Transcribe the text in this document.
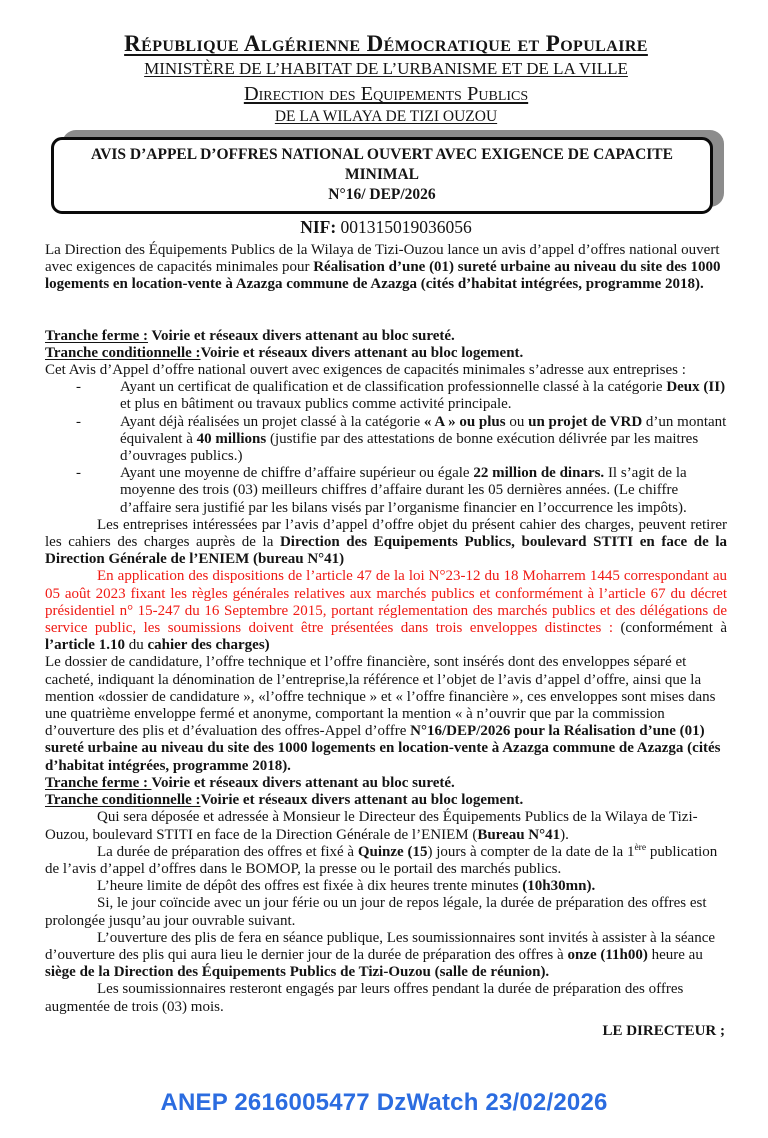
République Algérienne Démocratique et Populaire
MINISTÈRE DE L’HABITAT DE L’URBANISME ET DE LA VILLE
Direction des Equipements Publics
DE LA WILAYA DE TIZI OUZOU
AVIS D’APPEL D’OFFRES NATIONAL OUVERT AVEC EXIGENCE DE CAPACITE MINIMAL
N°16/ DEP/2026
NIF: 001315019036056

La Direction des Équipements Publics de la Wilaya de Tizi-Ouzou lance un avis d’appel d’offres national ouvert avec exigences de capacités minimales pour Réalisation d’une (01) sureté urbaine au niveau du site des 1000 logements en location-vente à Azazga commune de Azazga (cités d’habitat intégrées, programme 2018).

Tranche ferme : Voirie et réseaux divers attenant au bloc sureté.

Tranche conditionnelle :Voirie et réseaux divers attenant au bloc logement.

Cet Avis d’Appel d’offre national ouvert avec exigences de capacités minimales s’adresse aux entreprises :

-	Ayant un certificat de qualification et de classification professionnelle classé à la catégorie Deux (II) et plus en bâtiment ou travaux publics comme activité principale.

-	Ayant déjà réalisées un projet classé à la catégorie « A » ou plus ou un projet de VRD d’un montant équivalent à 40 millions (justifie par des attestations de bonne exécution délivrée par les maitres d’ouvrages publics.)

-	Ayant une moyenne de chiffre d’affaire supérieur ou égale 22 million de dinars. Il s’agit de la moyenne des trois (03) meilleurs chiffres d’affaire durant les 05 dernières années. (Le chiffre d’affaire sera justifié par les bilans visés par l’organisme financier en l’occurrence les impôts).

Les entreprises intéressées par l’avis d’appel d’offre objet du présent cahier des charges, peuvent retirer les cahiers des charges auprès de la Direction des Equipements Publics, boulevard STITI en face de la Direction Générale de l’ENIEM (bureau N°41)

En application des dispositions de l’article 47 de la loi N°23-12 du 18 Moharrem 1445 correspondant au 05 août 2023 fixant les règles générales relatives aux marchés publics et conformément à l’article 67 du décret présidentiel n° 15-247 du 16 Septembre 2015, portant réglementation des marchés publics et des délégations de service public, les soumissions doivent être présentées dans trois enveloppes distinctes : (conformément à l’article 1.10 du cahier des charges)

Le dossier de candidature, l’offre technique et l’offre financière, sont insérés dont des enveloppes séparé et cacheté, indiquant la dénomination de l’entreprise,la référence et l’objet de l’avis d’appel d’offre, ainsi que la mention «dossier de candidature », «l’offre technique » et « l’offre financière », ces enveloppes sont mises dans une quatrième enveloppe fermé et anonyme, comportant la mention « à n’ouvrir que par la commission d’ouverture des plis et d’évaluation des offres-Appel d’offre N°16/DEP/2026 pour la Réalisation d’une (01) sureté urbaine au niveau du site des 1000 logements en location-vente à Azazga commune de Azazga (cités d’habitat intégrées, programme 2018).

Tranche ferme : Voirie et réseaux divers attenant au bloc sureté.

Tranche conditionnelle :Voirie et réseaux divers attenant au bloc logement.

Qui sera déposée et adressée à Monsieur le Directeur des Équipements Publics de la Wilaya de Tizi-Ouzou, boulevard STITI en face de la Direction Générale de l’ENIEM (Bureau N°41).

La durée de préparation des offres et fixé à Quinze (15) jours à compter de la date de la 1ère publication de l’avis d’appel d’offres dans le BOMOP, la presse ou le portail des marchés publics.

L’heure limite de dépôt des offres est fixée à dix heures trente minutes (10h30mn).

Si, le jour coïncide avec un jour férie ou un jour de repos légale, la durée de préparation des offres est prolongée jusqu’au jour ouvrable suivant.

L’ouverture des plis de fera en séance publique, Les soumissionnaires sont invités à assister à la séance d’ouverture des plis qui aura lieu le dernier jour de la durée de préparation des offres à onze (11h00) heure au siège de la Direction des Équipements Publics de Tizi-Ouzou (salle de réunion).

Les soumissionnaires resteront engagés par leurs offres pendant la durée de préparation des offres augmentée de trois (03) mois.

LE DIRECTEUR ;
ANEP 2616005477 DzWatch 23/02/2026
